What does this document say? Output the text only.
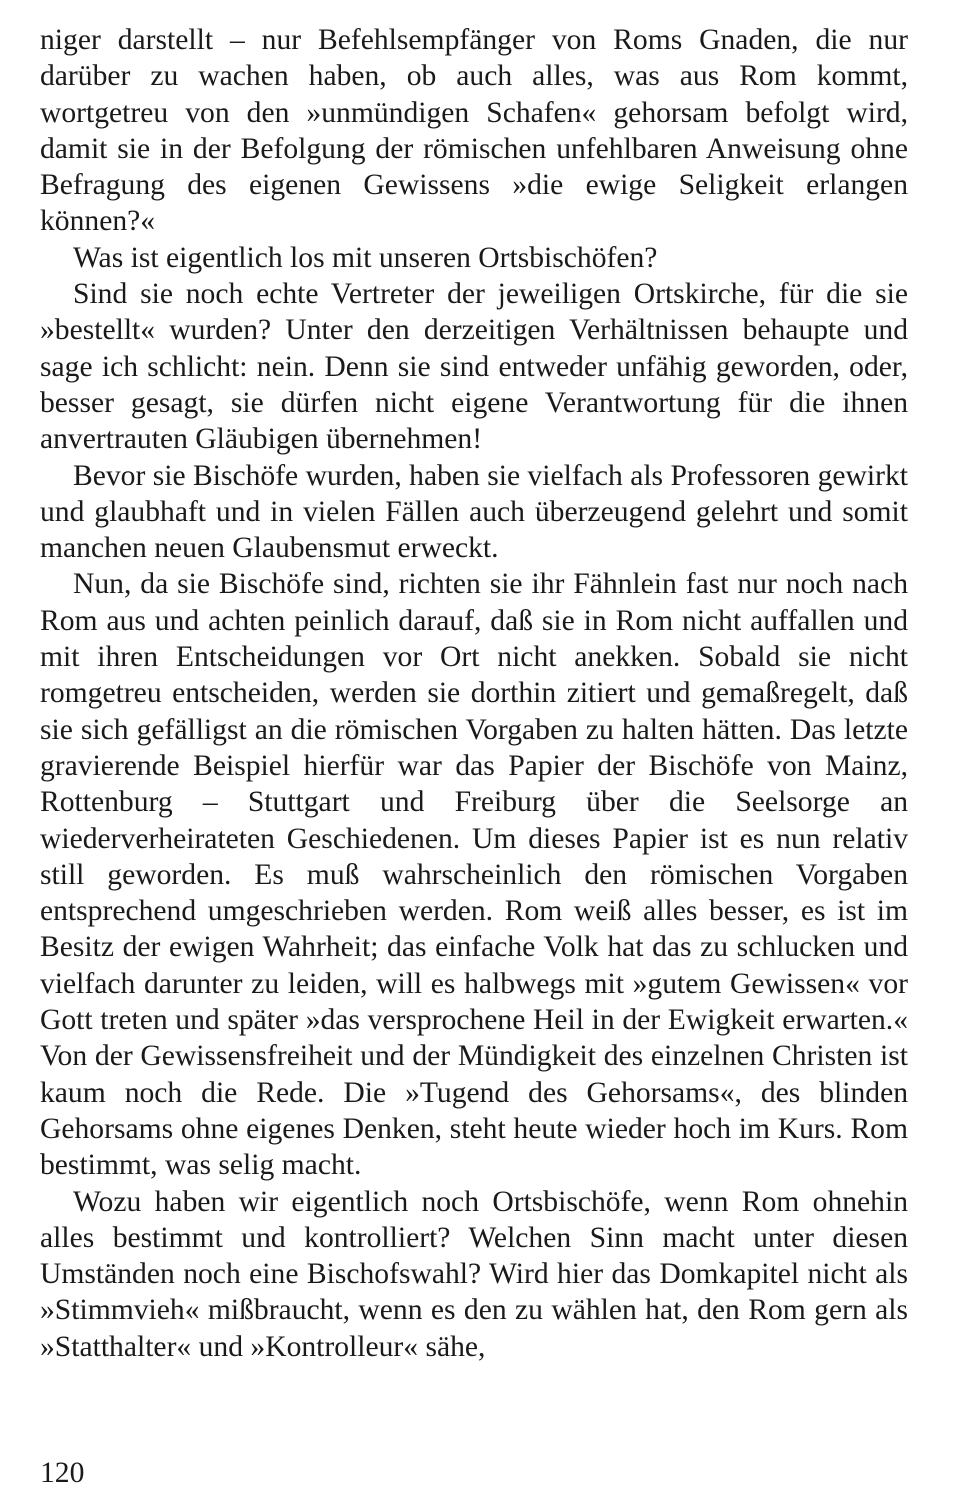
niger darstellt – nur Befehlsempfänger von Roms Gnaden, die nur darüber zu wachen haben, ob auch alles, was aus Rom kommt, wortgetreu von den »unmündigen Schafen« gehorsam befolgt wird, damit sie in der Befolgung der römischen unfehlbaren Anweisung ohne Befragung des eigenen Gewissens »die ewige Seligkeit erlangen können?«

Was ist eigentlich los mit unseren Ortsbischöfen?

Sind sie noch echte Vertreter der jeweiligen Ortskirche, für die sie »bestellt« wurden? Unter den derzeitigen Verhältnissen behaupte und sage ich schlicht: nein. Denn sie sind entweder unfähig geworden, oder, besser gesagt, sie dürfen nicht eigene Verantwortung für die ihnen anvertrauten Gläubigen übernehmen!

Bevor sie Bischöfe wurden, haben sie vielfach als Professoren gewirkt und glaubhaft und in vielen Fällen auch überzeugend gelehrt und somit manchen neuen Glaubensmut erweckt.

Nun, da sie Bischöfe sind, richten sie ihr Fähnlein fast nur noch nach Rom aus und achten peinlich darauf, daß sie in Rom nicht auffallen und mit ihren Entscheidungen vor Ort nicht anekken. Sobald sie nicht romgetreu entscheiden, werden sie dorthin zitiert und gemaßregelt, daß sie sich gefälligst an die römischen Vorgaben zu halten hätten. Das letzte gravierende Beispiel hierfür war das Papier der Bischöfe von Mainz, Rottenburg – Stuttgart und Freiburg über die Seelsorge an wiederverheirateten Geschiedenen. Um dieses Papier ist es nun relativ still geworden. Es muß wahrscheinlich den römischen Vorgaben entsprechend umgeschrieben werden. Rom weiß alles besser, es ist im Besitz der ewigen Wahrheit; das einfache Volk hat das zu schlucken und vielfach darunter zu leiden, will es halbwegs mit »gutem Gewissen« vor Gott treten und später »das versprochene Heil in der Ewigkeit erwarten.« Von der Gewissensfreiheit und der Mündigkeit des einzelnen Christen ist kaum noch die Rede. Die »Tugend des Gehorsams«, des blinden Gehorsams ohne eigenes Denken, steht heute wieder hoch im Kurs. Rom bestimmt, was selig macht.

Wozu haben wir eigentlich noch Ortsbischöfe, wenn Rom ohnehin alles bestimmt und kontrolliert? Welchen Sinn macht unter diesen Umständen noch eine Bischofswahl? Wird hier das Domkapitel nicht als »Stimmvieh« mißbraucht, wenn es den zu wählen hat, den Rom gern als »Statthalter« und »Kontrolleur« sähe,

120
